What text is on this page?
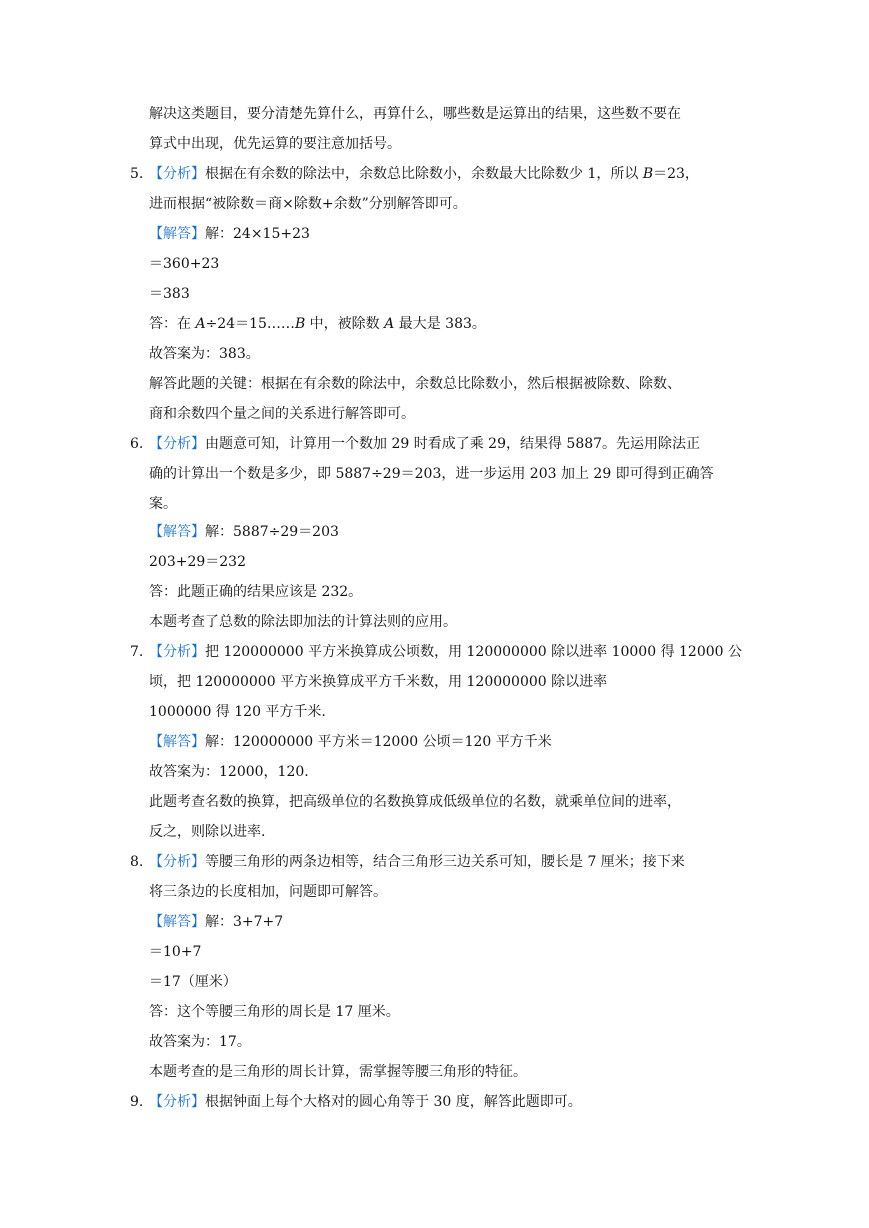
解决这类题目，要分清楚先算什么，再算什么，哪些数是运算出的结果，这些数不要在
算式中出现，优先运算的要注意加括号。
5. 【分析】根据在有余数的除法中，余数总比除数小，余数最大比除数少 1，所以 B＝23，
进而根据“被除数＝商×除数+余数”分别解答即可。
【解答】解：24×15+23
＝360+23
＝383
答：在 A÷24＝15……B 中，被除数 A 最大是 383。
故答案为：383。
解答此题的关键：根据在有余数的除法中，余数总比除数小，然后根据被除数、除数、
商和余数四个量之间的关系进行解答即可。
6. 【分析】由题意可知，计算用一个数加 29 时看成了乘 29，结果得 5887。先运用除法正
确的计算出一个数是多少，即 5887÷29＝203，进一步运用 203 加上 29 即可得到正确答
案。
【解答】解：5887÷29＝203
203+29＝232
答：此题正确的结果应该是 232。
本题考查了总数的除法即加法的计算法则的应用。
7. 【分析】把 120000000 平方米换算成公顷数，用 120000000 除以进率 10000 得 12000 公
顷，把 120000000 平方米换算成平方千米数，用 120000000 除以进率
1000000 得 120 平方千米.
【解答】解：120000000 平方米＝12000 公顷＝120 平方千米
故答案为：12000，120.
此题考查名数的换算，把高级单位的名数换算成低级单位的名数，就乘单位间的进率，
反之，则除以进率.
8. 【分析】等腰三角形的两条边相等，结合三角形三边关系可知，腰长是 7 厘米；接下来
将三条边的长度相加，问题即可解答。
【解答】解：3+7+7
＝10+7
＝17（厘米）
答：这个等腰三角形的周长是 17 厘米。
故答案为：17。
本题考查的是三角形的周长计算，需掌握等腰三角形的特征。
9. 【分析】根据钟面上每个大格对的圆心角等于 30 度，解答此题即可。
